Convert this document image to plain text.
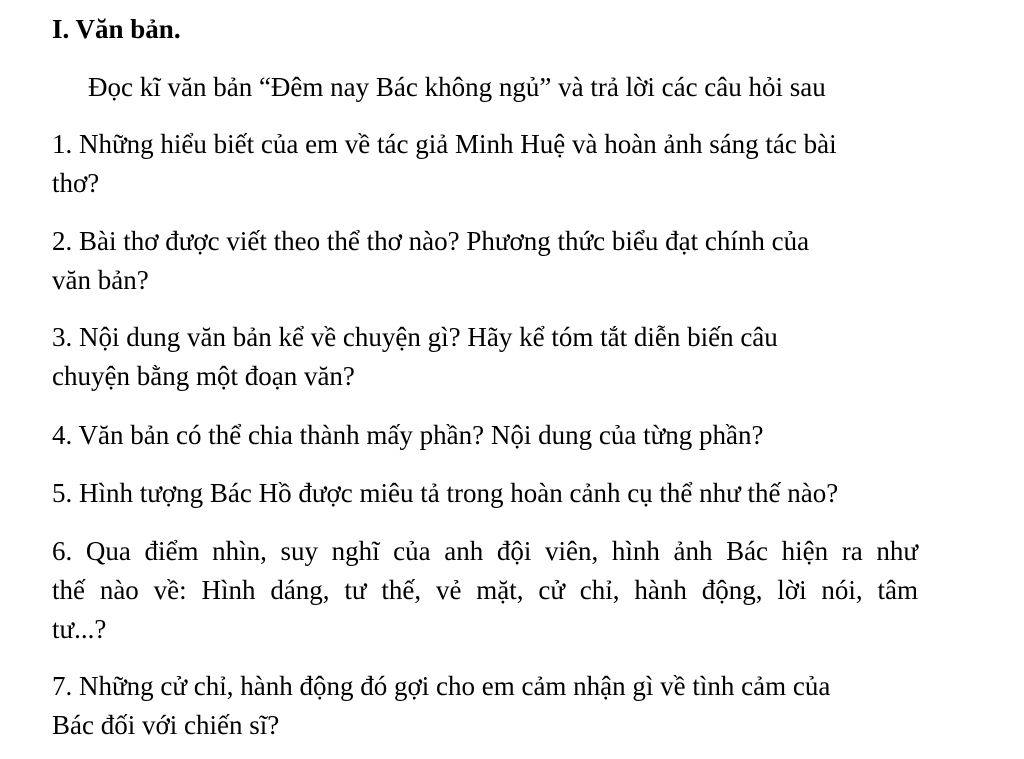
I. Văn bản.
Đọc kĩ văn bản “Đêm nay Bác không ngủ” và trả lời các câu hỏi sau
1. Những hiểu biết của em về tác giả Minh Huệ và hoàn ảnh sáng tác bài
thơ?
2. Bài thơ được viết theo thể thơ nào? Phương thức biểu đạt chính của
văn bản?
3. Nội dung văn bản kể về chuyện gì? Hãy kể tóm tắt diễn biến câu
chuyện bằng một đoạn văn?
4. Văn bản có thể chia thành mấy phần? Nội dung của từng phần?
5. Hình tượng Bác Hồ được miêu tả trong hoàn cảnh cụ thể như thế nào?
6. Qua điểm nhìn, suy nghĩ của anh đội viên, hình ảnh Bác hiện ra như
thế nào về: Hình dáng, tư thế, vẻ mặt, cử chỉ, hành động, lời nói, tâm
tư...?
7. Những cử chỉ, hành động đó gợi cho em cảm nhận gì về tình cảm của
Bác đối với chiến sĩ?
